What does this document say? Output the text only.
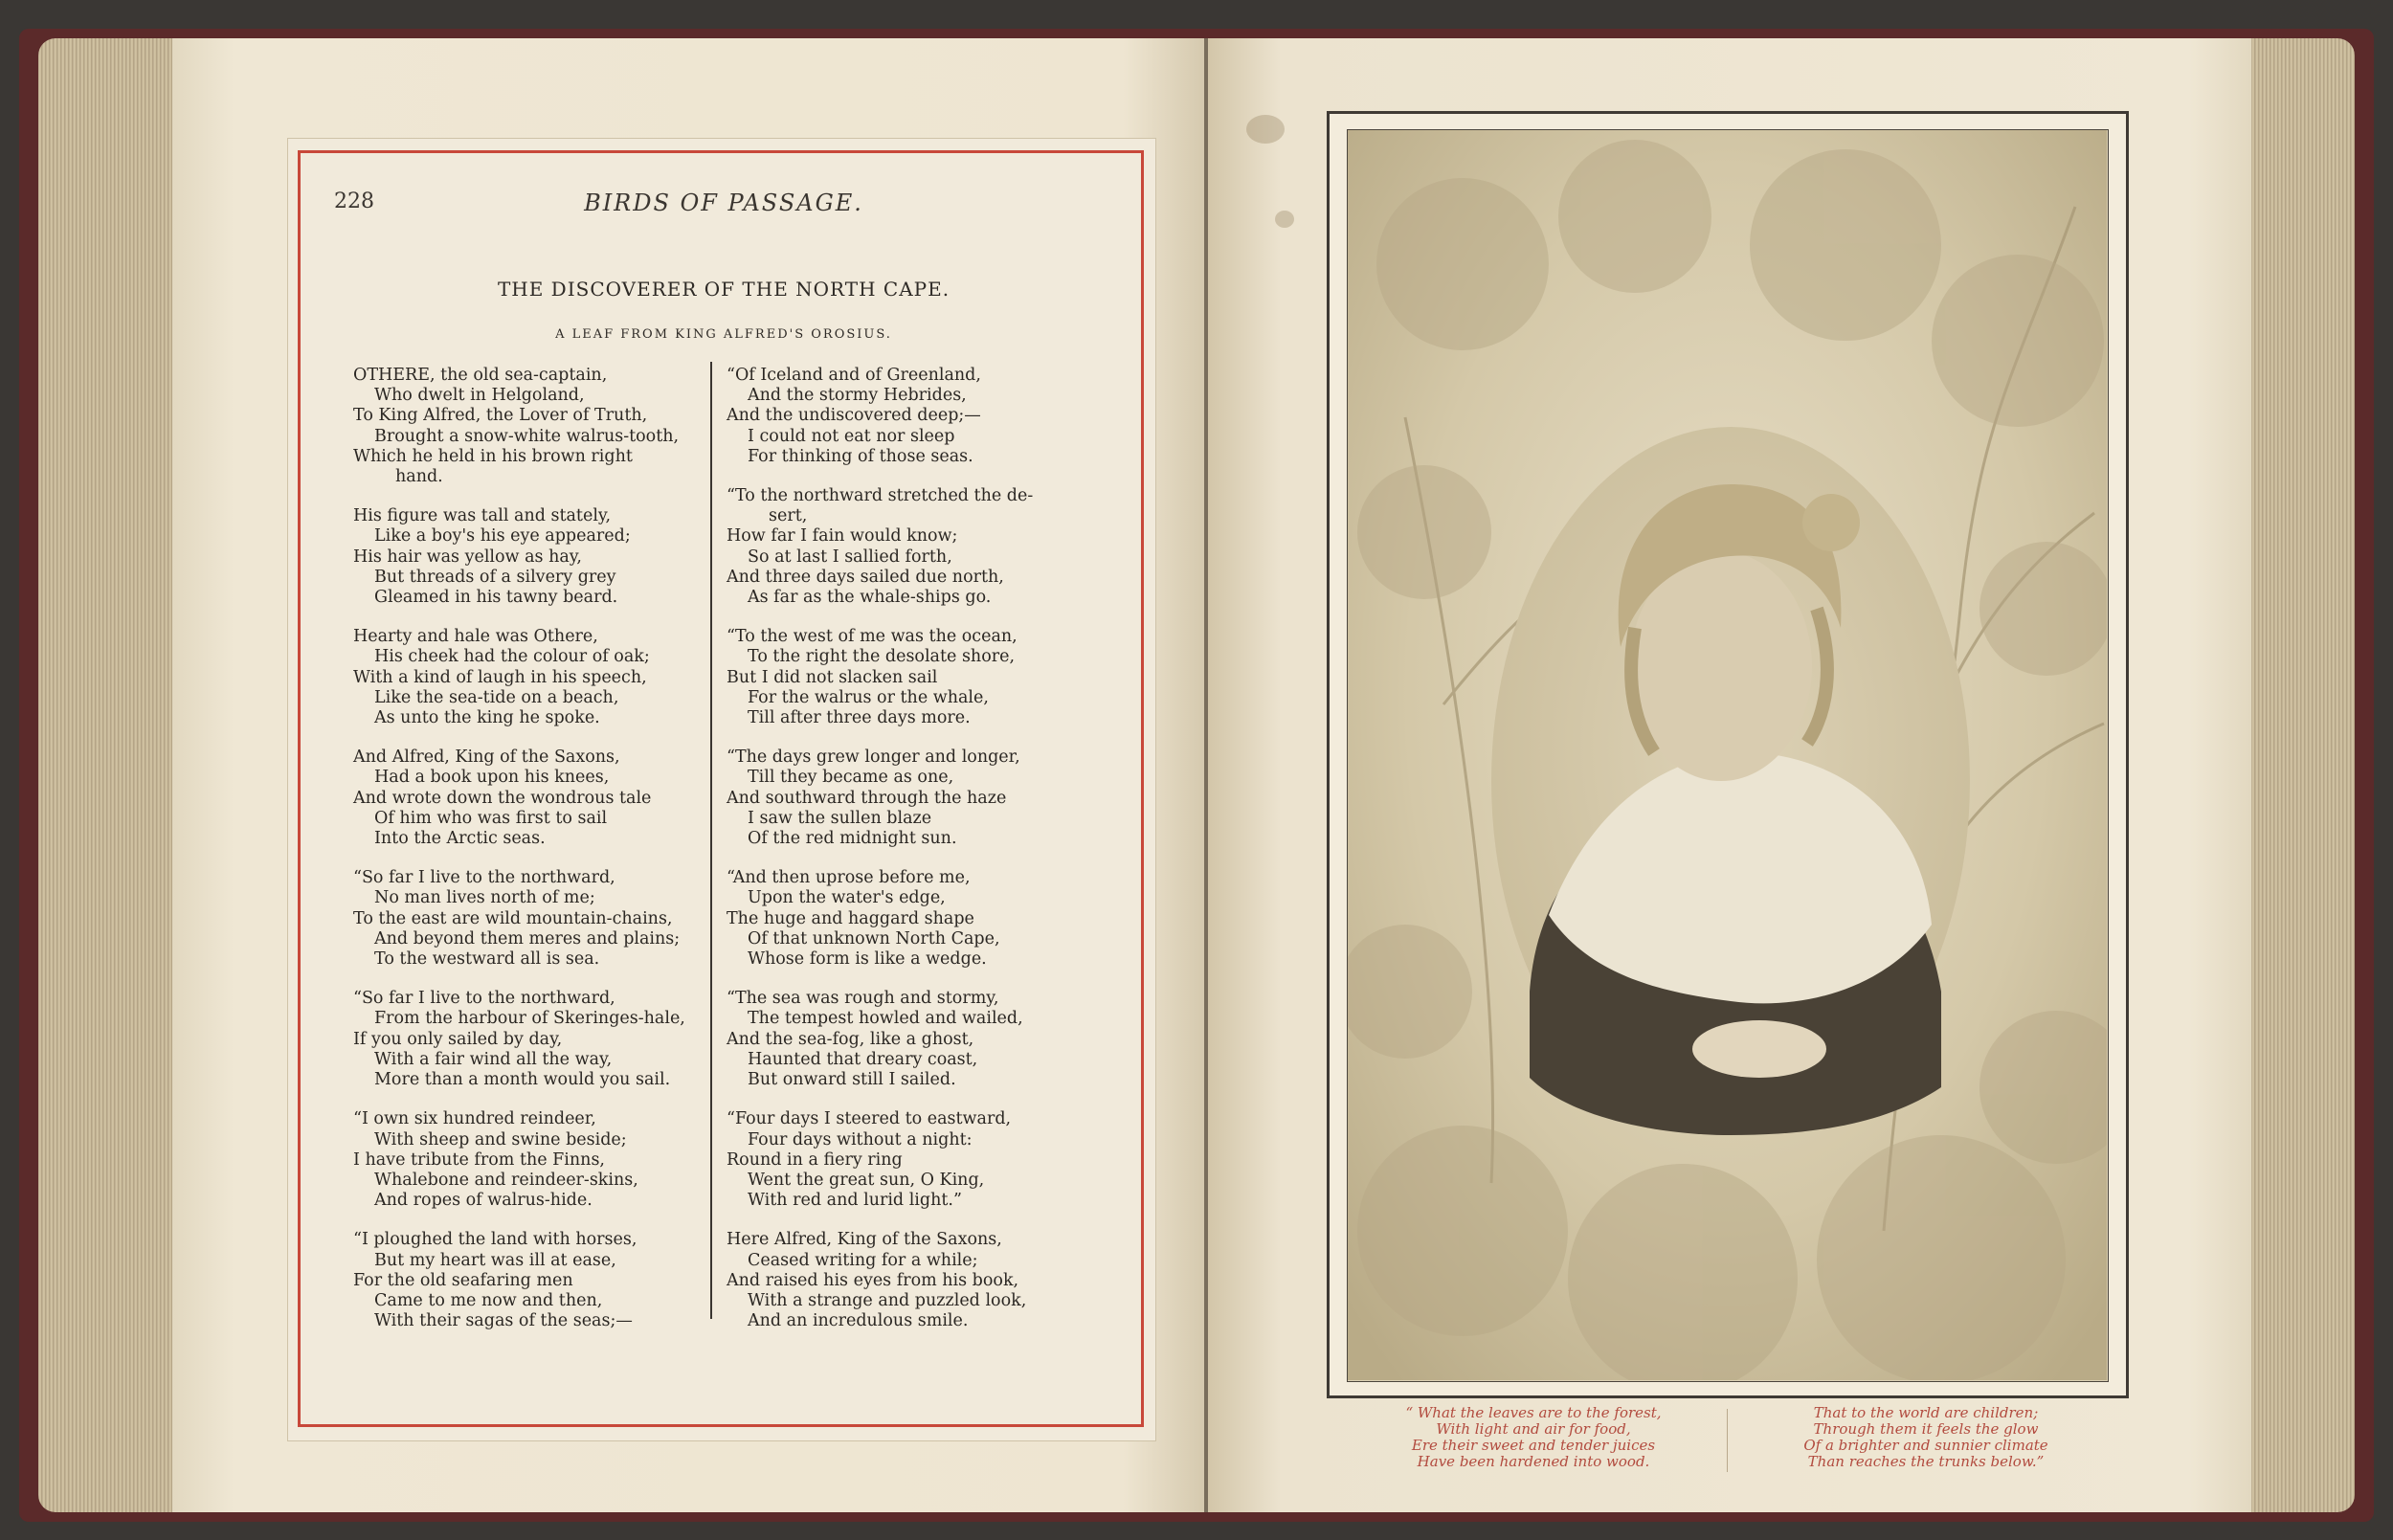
228	BIRDS OF PASSAGE.
THE DISCOVERER OF THE NORTH CAPE.
A LEAF FROM KING ALFRED'S OROSIUS.
OTHERE, the old sea-captain,
Who dwelt in Helgoland,
To King Alfred, the Lover of Truth,
Brought a snow-white walrus-tooth,
Which he held in his brown right
hand.
His figure was tall and stately,
Like a boy's his eye appeared;
His hair was yellow as hay,
But threads of a silvery grey
Gleamed in his tawny beard.
Hearty and hale was Othere,
His cheek had the colour of oak;
With a kind of laugh in his speech,
Like the sea-tide on a beach,
As unto the king he spoke.
And Alfred, King of the Saxons,
Had a book upon his knees,
And wrote down the wondrous tale
Of him who was first to sail
Into the Arctic seas.
“So far I live to the northward,
No man lives north of me;
To the east are wild mountain-chains,
And beyond them meres and plains;
To the westward all is sea.
“So far I live to the northward,
From the harbour of Skeringes-hale,
If you only sailed by day,
With a fair wind all the way,
More than a month would you sail.
“I own six hundred reindeer,
With sheep and swine beside;
I have tribute from the Finns,
Whalebone and reindeer-skins,
And ropes of walrus-hide.
“I ploughed the land with horses,
But my heart was ill at ease,
For the old seafaring men
Came to me now and then,
With their sagas of the seas;—
“Of Iceland and of Greenland,
And the stormy Hebrides,
And the undiscovered deep;—
I could not eat nor sleep
For thinking of those seas.
“To the northward stretched the de-
sert,
How far I fain would know;
So at last I sallied forth,
And three days sailed due north,
As far as the whale-ships go.
“To the west of me was the ocean,
To the right the desolate shore,
But I did not slacken sail
For the walrus or the whale,
Till after three days more.
“The days grew longer and longer,
Till they became as one,
And southward through the haze
I saw the sullen blaze
Of the red midnight sun.
“And then uprose before me,
Upon the water's edge,
The huge and haggard shape
Of that unknown North Cape,
Whose form is like a wedge.
“The sea was rough and stormy,
The tempest howled and wailed,
And the sea-fog, like a ghost,
Haunted that dreary coast,
But onward still I sailed.
“Four days I steered to eastward,
Four days without a night:
Round in a fiery ring
Went the great sun, O King,
With red and lurid light.”
Here Alfred, King of the Saxons,
Ceased writing for a while;
And raised his eyes from his book,
With a strange and puzzled look,
And an incredulous smile.
“ What the leaves are to the forest,
With light and air for food,
Ere their sweet and tender juices
Have been hardened into wood.
That to the world are children;
Through them it feels the glow
Of a brighter and sunnier climate
Than reaches the trunks below.”
